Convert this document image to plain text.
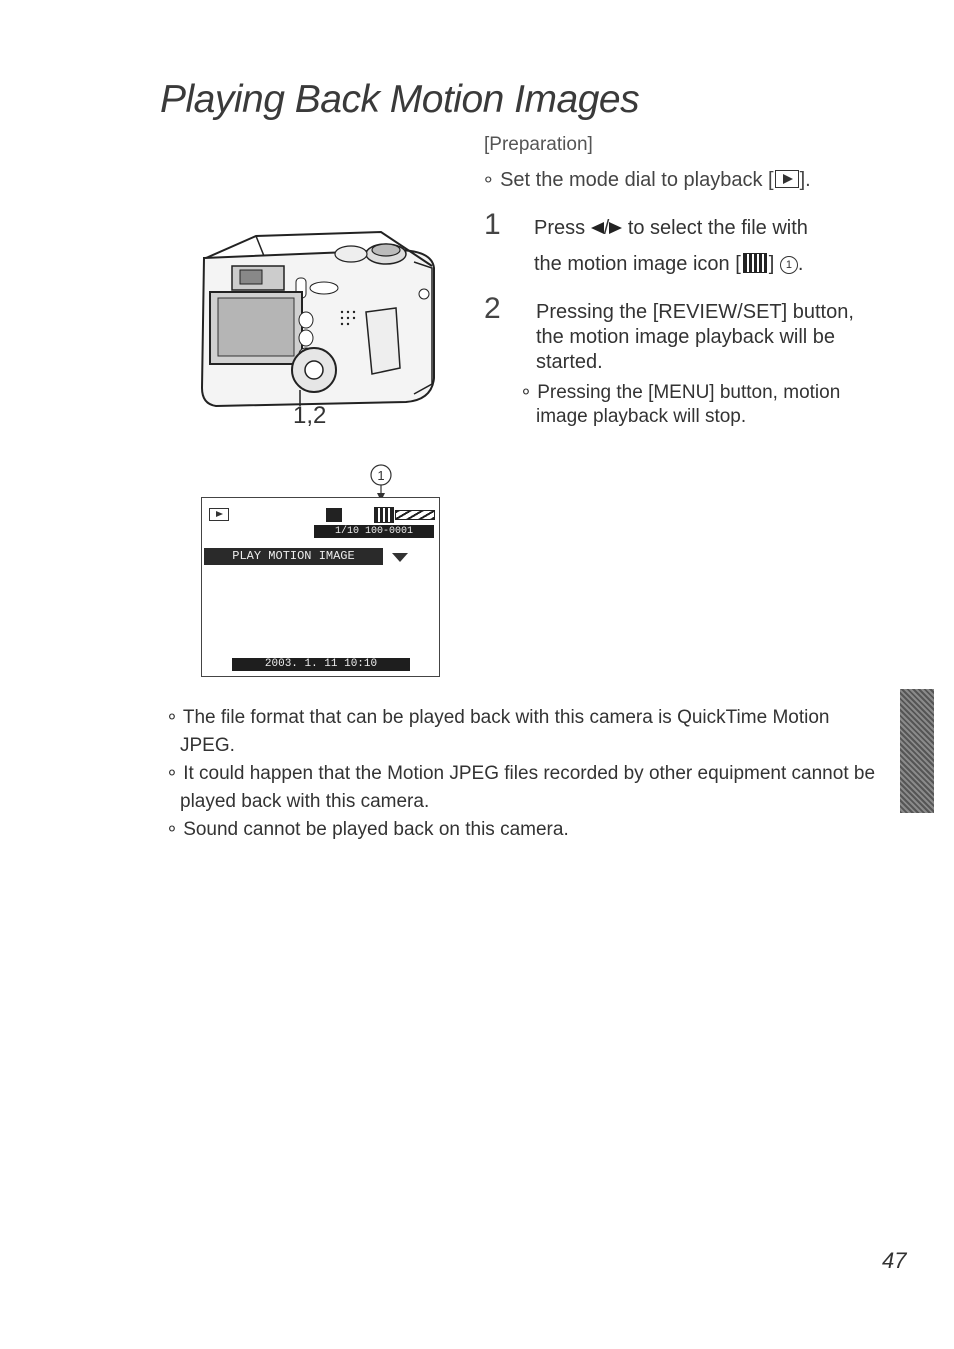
Playing Back Motion Images
[Preparation]
∘ Set the mode dial to playback [ ].
1,2
1 Press / to select the file with
the motion image icon [ ] 1 .
2 Pressing the [REVIEW/SET] button, the motion image playback will be started.
∘ Pressing the [MENU] button, motion image playback will stop.
1
1/10 100-0001
PLAY MOTION IMAGE
2003. 1. 11 10:10

∘ The file format that can be played back with this camera is QuickTime Motion JPEG.

∘ It could happen that the Motion JPEG files recorded by other equipment cannot be played back with this camera.

∘ Sound cannot be played back on this camera.

47
